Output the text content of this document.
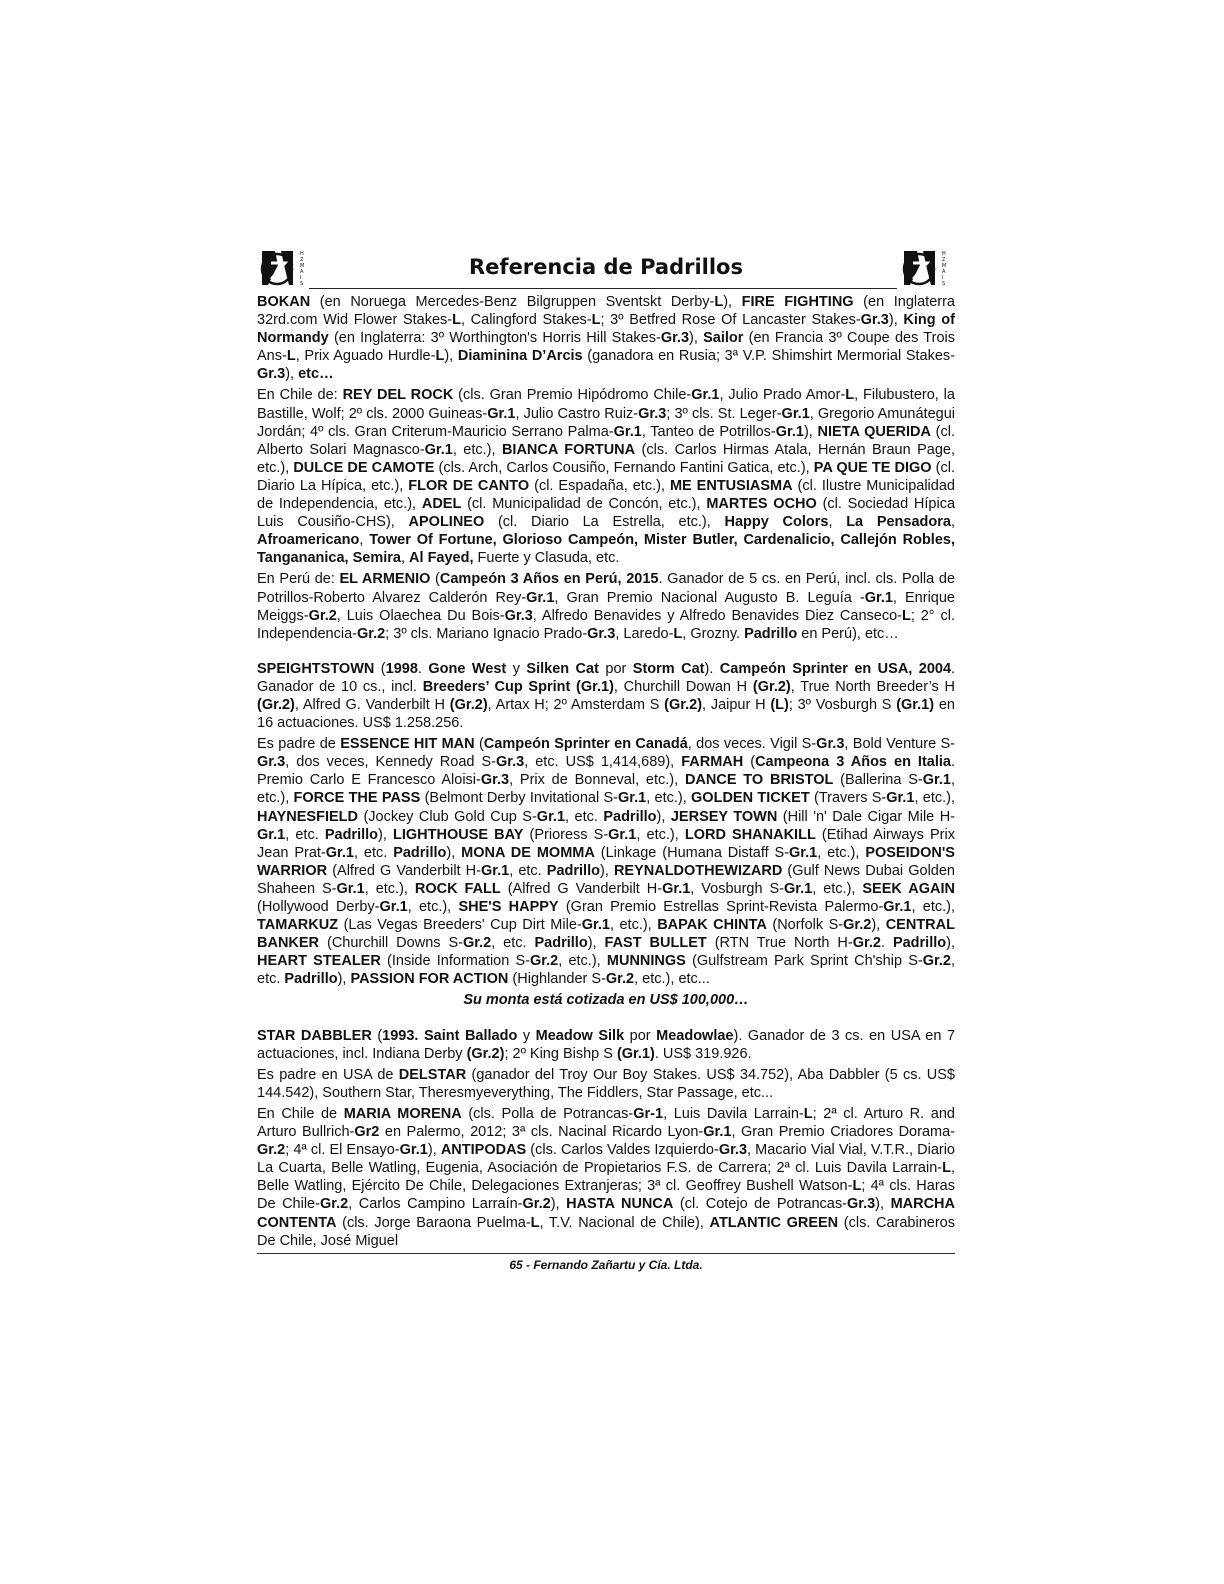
H
Z
M
A
I
S
Referencia de Padrillos
H
Z
M
A
I
S

BOKAN (en Noruega Mercedes-Benz Bilgruppen Sventskt Derby-L), FIRE FIGHTING (en Inglaterra 32rd.com Wid Flower Stakes-L, Calingford Stakes-L; 3º Betfred Rose Of Lancaster Stakes-Gr.3), King of Normandy (en Inglaterra: 3º Worthington's Horris Hill Stakes-Gr.3), Sailor (en Francia 3º Coupe des Trois Ans-L, Prix Aguado Hurdle-L), Diaminina D’Arcis (ganadora en Rusia; 3ª V.P. Shimshirt Mermorial Stakes-Gr.3), etc…

En Chile de: REY DEL ROCK (cls. Gran Premio Hipódromo Chile-Gr.1, Julio Prado Amor-L, Filubustero, la Bastille, Wolf; 2º cls. 2000 Guineas-Gr.1, Julio Castro Ruiz-Gr.3; 3º cls. St. Leger-Gr.1, Gregorio Amunátegui Jordán; 4º cls. Gran Criterum-Mauricio Serrano Palma-Gr.1, Tanteo de Potrillos-Gr.1), NIETA QUERIDA (cl. Alberto Solari Magnasco-Gr.1, etc.), BIANCA FORTUNA (cls. Carlos Hirmas Atala, Hernán Braun Page, etc.), DULCE DE CAMOTE (cls. Arch, Carlos Cousiño, Fernando Fantini Gatica, etc.), PA QUE TE DIGO (cl. Diario La Hípica, etc.), FLOR DE CANTO (cl. Espadaña, etc.), ME ENTUSIASMA (cl. Ilustre Municipalidad de Independencia, etc.), ADEL (cl. Municipalidad de Concón, etc.), MARTES OCHO (cl. Sociedad Hípica Luis Cousiño-CHS), APOLINEO (cl. Diario La Estrella, etc.), Happy Colors, La Pensadora, Afroamericano, Tower Of Fortune, Glorioso Campeón, Mister Butler, Cardenalicio, Callejón Robles, Tangananica, Semira, Al Fayed, Fuerte y Clasuda, etc.

En Perú de: EL ARMENIO (Campeón 3 Años en Perú, 2015. Ganador de 5 cs. en Perú, incl. cls. Polla de Potrillos-Roberto Alvarez Calderón Rey-Gr.1, Gran Premio Nacional Augusto B. Leguía -Gr.1, Enrique Meiggs-Gr.2, Luis Olaechea Du Bois-Gr.3, Alfredo Benavides y Alfredo Benavides Diez Canseco-L; 2° cl. Independencia-Gr.2; 3º cls. Mariano Ignacio Prado-Gr.3, Laredo-L, Grozny. Padrillo en Perú), etc…

SPEIGHTSTOWN (1998. Gone West y Silken Cat por Storm Cat). Campeón Sprinter en USA, 2004. Ganador de 10 cs., incl. Breeders’ Cup Sprint (Gr.1), Churchill Dowan H (Gr.2), True North Breeder’s H (Gr.2), Alfred G. Vanderbilt H (Gr.2), Artax H; 2º Amsterdam S (Gr.2), Jaipur H (L); 3º Vosburgh S (Gr.1) en 16 actuaciones. US$ 1.258.256.

Es padre de ESSENCE HIT MAN (Campeón Sprinter en Canadá, dos veces. Vigil S-Gr.3, Bold Venture S-Gr.3, dos veces, Kennedy Road S-Gr.3, etc. US$ 1,414,689), FARMAH (Campeona 3 Años en Italia. Premio Carlo E Francesco Aloisi-Gr.3, Prix de Bonneval, etc.), DANCE TO BRISTOL (Ballerina S-Gr.1, etc.), FORCE THE PASS (Belmont Derby Invitational S-Gr.1, etc.), GOLDEN TICKET (Travers S-Gr.1, etc.), HAYNESFIELD (Jockey Club Gold Cup S-Gr.1, etc. Padrillo), JERSEY TOWN (Hill 'n' Dale Cigar Mile H-Gr.1, etc. Padrillo), LIGHTHOUSE BAY (Prioress S-Gr.1, etc.), LORD SHANAKILL (Etihad Airways Prix Jean Prat-Gr.1, etc. Padrillo), MONA DE MOMMA (Linkage (Humana Distaff S-Gr.1, etc.), POSEIDON'S WARRIOR (Alfred G Vanderbilt H-Gr.1, etc. Padrillo), REYNALDOTHEWIZARD (Gulf News Dubai Golden Shaheen S-Gr.1, etc.), ROCK FALL (Alfred G Vanderbilt H-Gr.1, Vosburgh S-Gr.1, etc.), SEEK AGAIN (Hollywood Derby-Gr.1, etc.), SHE'S HAPPY (Gran Premio Estrellas Sprint-Revista Palermo-Gr.1, etc.), TAMARKUZ (Las Vegas Breeders' Cup Dirt Mile-Gr.1, etc.), BAPAK CHINTA (Norfolk S-Gr.2), CENTRAL BANKER (Churchill Downs S-Gr.2, etc. Padrillo), FAST BULLET (RTN True North H-Gr.2. Padrillo), HEART STEALER (Inside Information S-Gr.2, etc.), MUNNINGS (Gulfstream Park Sprint Ch'ship S-Gr.2, etc. Padrillo), PASSION FOR ACTION (Highlander S-Gr.2, etc.), etc...

Su monta está cotizada en US$ 100,000…

STAR DABBLER (1993. Saint Ballado y Meadow Silk por Meadowlae). Ganador de 3 cs. en USA en 7 actuaciones, incl. Indiana Derby (Gr.2); 2º King Bishp S (Gr.1). US$ 319.926.

Es padre en USA de DELSTAR (ganador del Troy Our Boy Stakes. US$ 34.752), Aba Dabbler (5 cs. US$ 144.542), Southern Star, Theresmyeverything, The Fiddlers, Star Passage, etc...

En Chile de MARIA MORENA (cls. Polla de Potrancas-Gr-1, Luis Davila Larrain-L; 2ª cl. Arturo R. and Arturo Bullrich-Gr2 en Palermo, 2012; 3ª cls. Nacinal Ricardo Lyon-Gr.1, Gran Premio Criadores Dorama-Gr.2; 4ª cl. El Ensayo-Gr.1), ANTIPODAS (cls. Carlos Valdes Izquierdo-Gr.3, Macario Vial Vial, V.T.R., Diario La Cuarta, Belle Watling, Eugenia, Asociación de Propietarios F.S. de Carrera; 2ª cl. Luis Davila Larrain-L, Belle Watling, Ejército De Chile, Delegaciones Extranjeras; 3ª cl. Geoffrey Bushell Watson-L; 4ª cls. Haras De Chile-Gr.2, Carlos Campino Larraín-Gr.2), HASTA NUNCA (cl. Cotejo de Potrancas-Gr.3), MARCHA CONTENTA (cls. Jorge Baraona Puelma-L, T.V. Nacional de Chile), ATLANTIC GREEN (cls. Carabineros De Chile, José Miguel

65 - Fernando Zañartu y Cía. Ltda.
